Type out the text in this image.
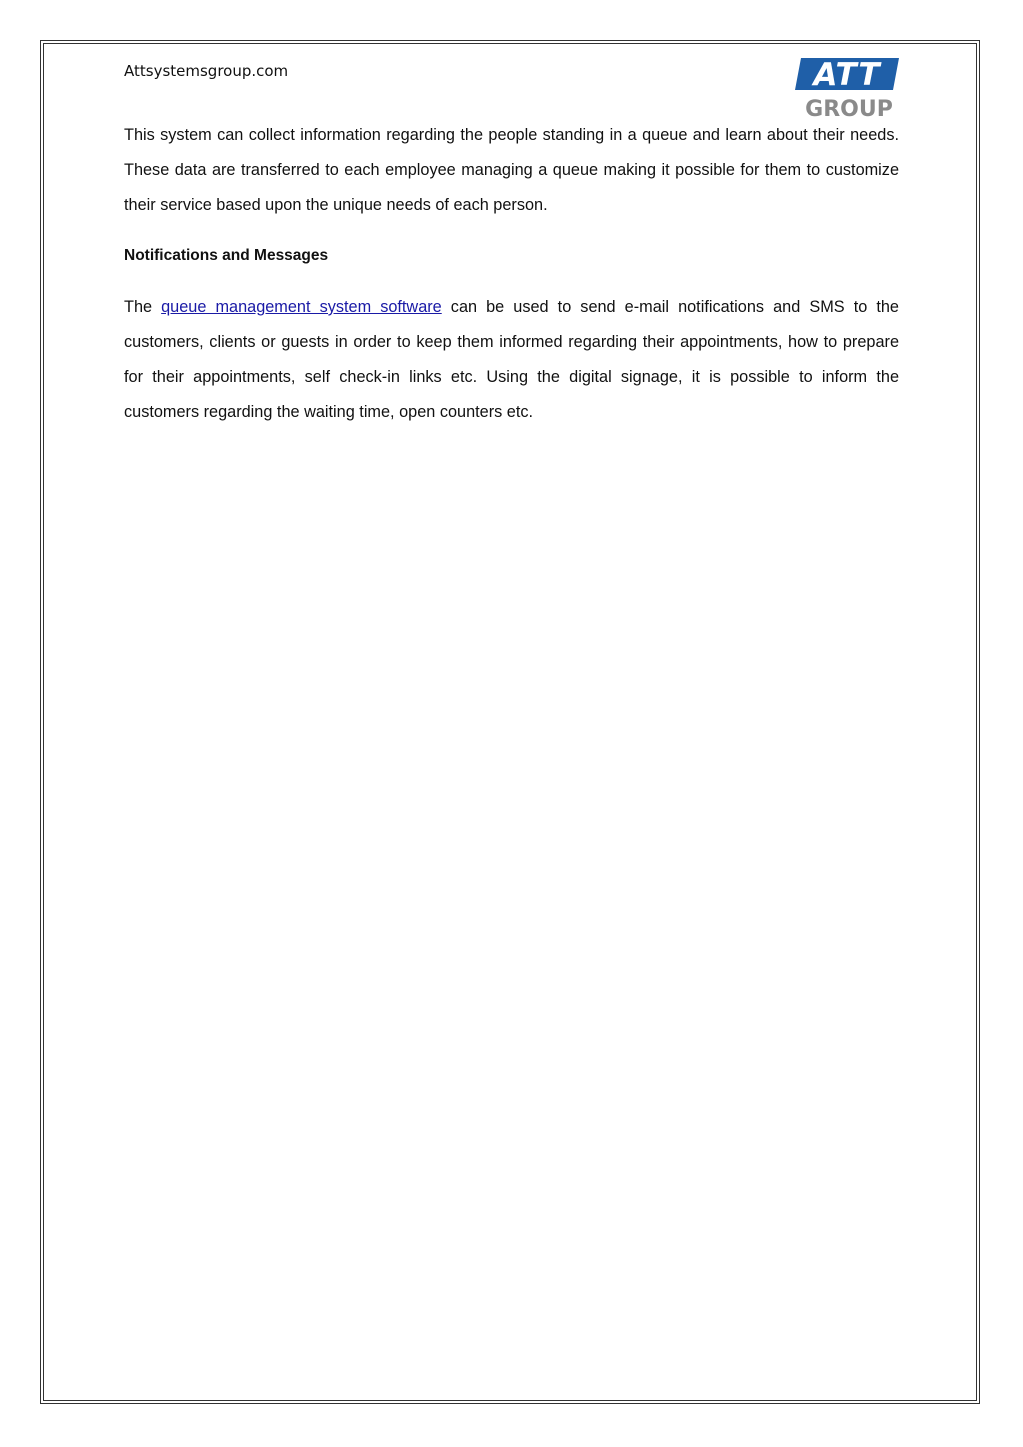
Attsystemsgroup.com	ATT
GROUP

This system can collect information regarding the people standing in a queue and learn about their needs. These data are transferred to each employee managing a queue making it possible for them to customize their service based upon the unique needs of each person.

Notifications and Messages

The queue management system software can be used to send e-mail notifications and SMS to the customers, clients or guests in order to keep them informed regarding their appointments, how to prepare for their appointments, self check-in links etc. Using the digital signage, it is possible to inform the customers regarding the waiting time, open counters etc.
